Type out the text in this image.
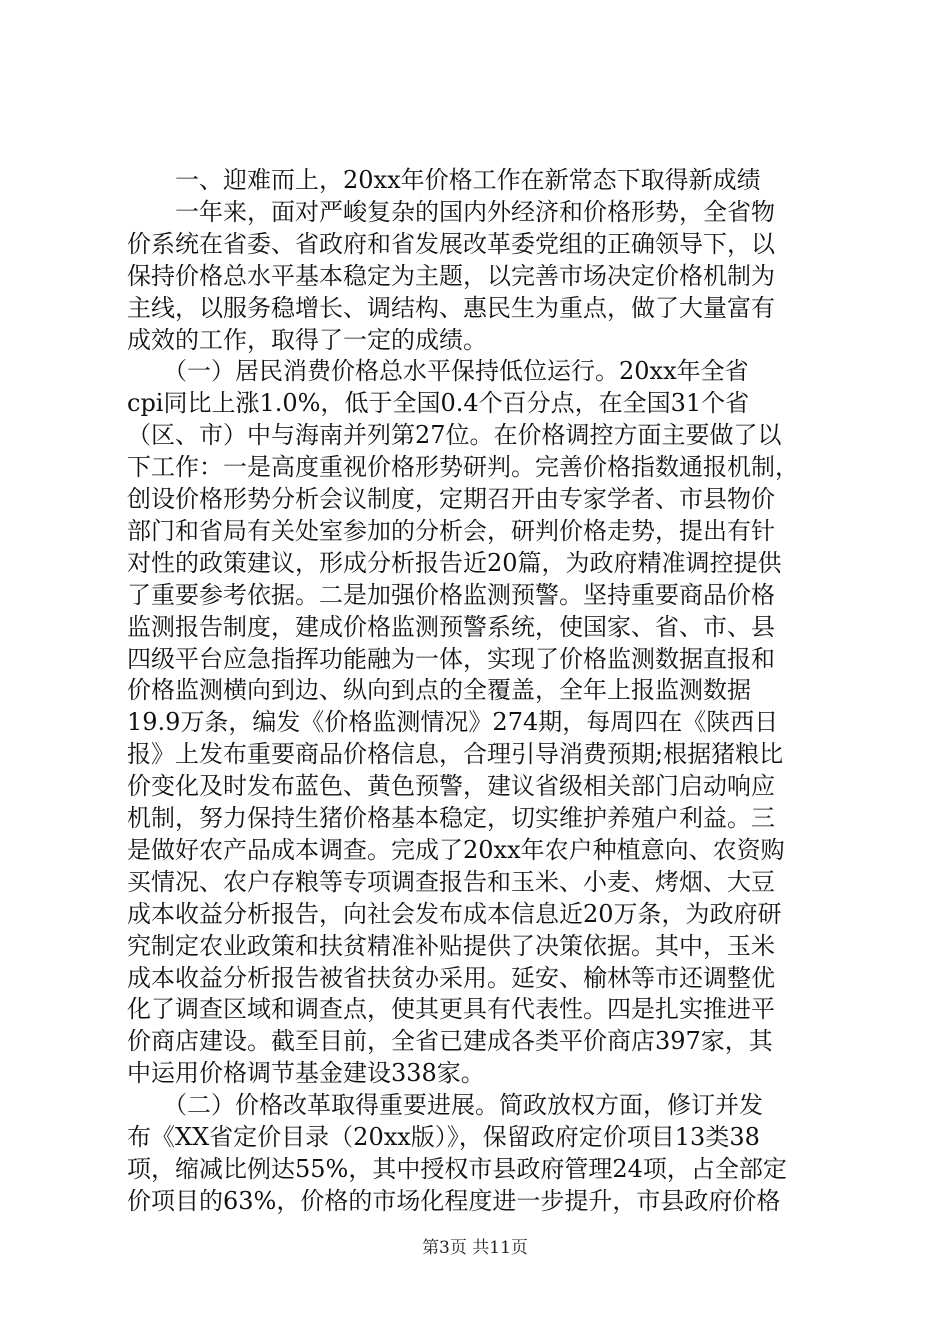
　　一、迎难而上，20xx年价格工作在新常态下取得新成绩
　　一年来，面对严峻复杂的国内外经济和价格形势，全省物
价系统在省委、省政府和省发展改革委党组的正确领导下，以
保持价格总水平基本稳定为主题，以完善市场决定价格机制为
主线，以服务稳增长、调结构、惠民生为重点，做了大量富有
成效的工作，取得了一定的成绩。
　　（一）居民消费价格总水平保持低位运行。20xx年全省
cpi同比上涨1.0%，低于全国0.4个百分点，在全国31个省
（区、市）中与海南并列第27位。在价格调控方面主要做了以
下工作：一是高度重视价格形势研判。完善价格指数通报机制，
创设价格形势分析会议制度，定期召开由专家学者、市县物价
部门和省局有关处室参加的分析会，研判价格走势，提出有针
对性的政策建议，形成分析报告近20篇，为政府精准调控提供
了重要参考依据。二是加强价格监测预警。坚持重要商品价格
监测报告制度，建成价格监测预警系统，使国家、省、市、县
四级平台应急指挥功能融为一体，实现了价格监测数据直报和
价格监测横向到边、纵向到点的全覆盖，全年上报监测数据
19.9万条，编发《价格监测情况》274期，每周四在《陕西日
报》上发布重要商品价格信息，合理引导消费预期;根据猪粮比
价变化及时发布蓝色、黄色预警，建议省级相关部门启动响应
机制，努力保持生猪价格基本稳定，切实维护养殖户利益。三
是做好农产品成本调查。完成了20xx年农户种植意向、农资购
买情况、农户存粮等专项调查报告和玉米、小麦、烤烟、大豆
成本收益分析报告，向社会发布成本信息近20万条，为政府研
究制定农业政策和扶贫精准补贴提供了决策依据。其中，玉米
成本收益分析报告被省扶贫办采用。延安、榆林等市还调整优
化了调查区域和调查点，使其更具有代表性。四是扎实推进平
价商店建设。截至目前，全省已建成各类平价商店397家，其
中运用价格调节基金建设338家。
　　（二）价格改革取得重要进展。简政放权方面，修订并发
布《XX省定价目录（20xx版）》，保留政府定价项目13类38
项，缩减比例达55%，其中授权市县政府管理24项，占全部定
价项目的63%，价格的市场化程度进一步提升，市县政府价格
第3页 共11页
